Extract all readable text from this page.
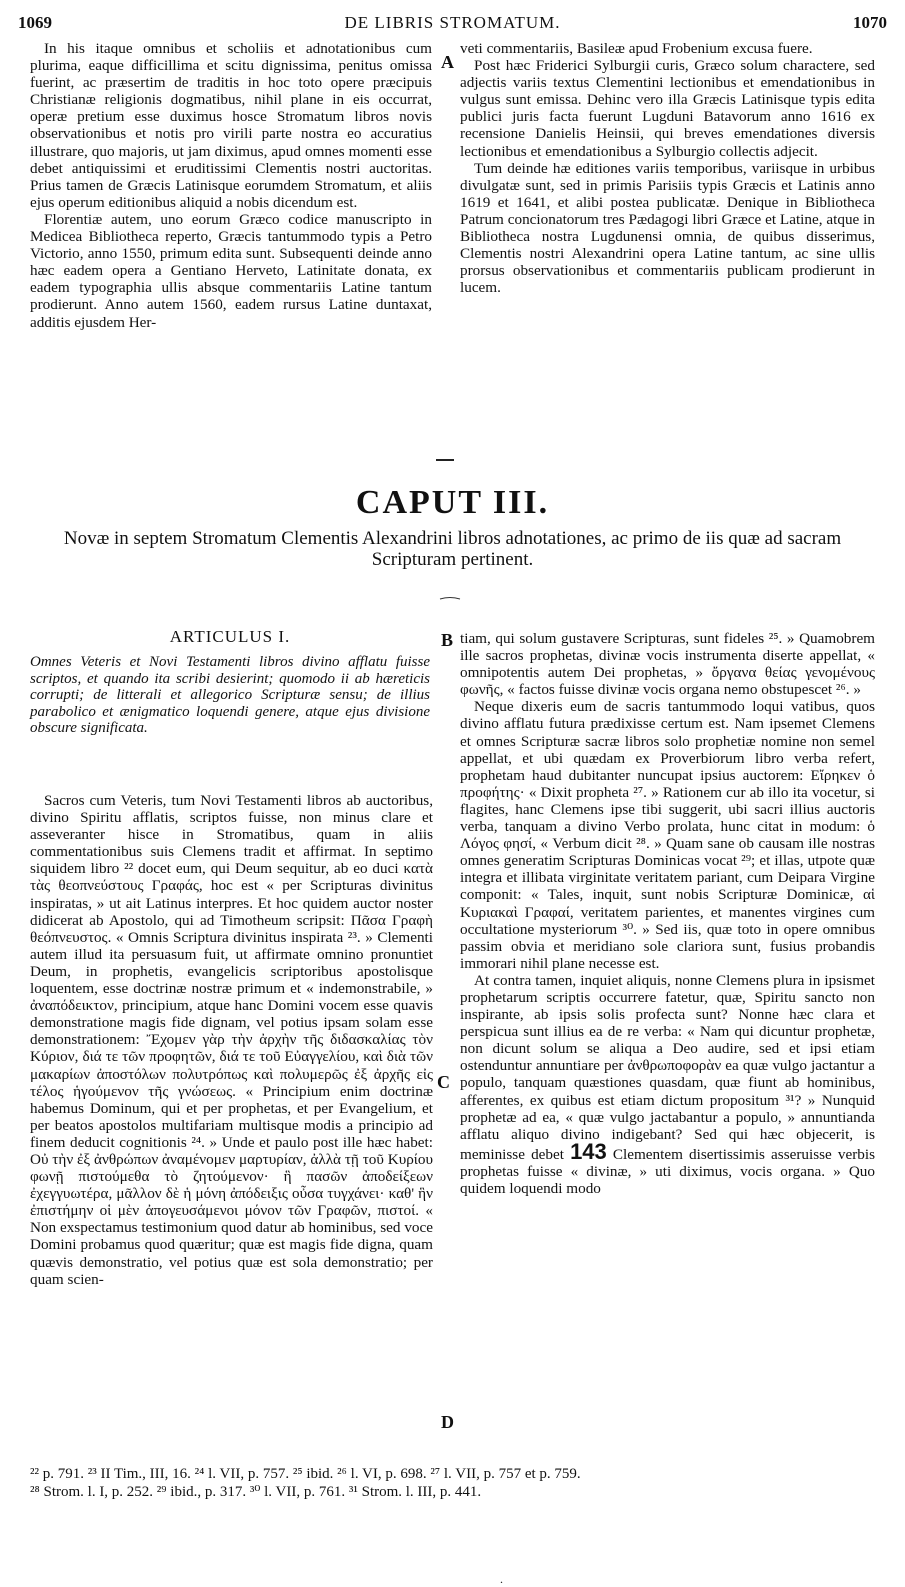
1069	DE LIBRIS STROMATUM.	1070

In his itaque omnibus et scholiis et adnotationibus cum plurima, eaque difficillima et scitu dignissima, penitus omissa fuerint, ac præsertim de traditis in hoc toto opere præcipuis Christianæ religionis dogmatibus, nihil plane in eis occurrat, operæ pretium esse duximus hosce Stromatum libros novis observationibus et notis pro virili parte nostra eo accuratius illustrare, quo majoris, ut jam diximus, apud omnes momenti esse debet antiquissimi et eruditissimi Clementis nostri auctoritas. Prius tamen de Græcis Latinisque eorumdem Stromatum, et aliis ejus operum editionibus aliquid a nobis dicendum est.

Florentiæ autem, uno eorum Græco codice manuscripto in Medicea Bibliotheca reperto, Græcis tantummodo typis a Petro Victorio, anno 1550, primum edita sunt. Subsequenti deinde anno hæc eadem opera a Gentiano Herveto, Latinitate donata, ex eadem typographia ullis absque commentariis Latine tantum prodierunt. Anno autem 1560, eadem rursus Latine duntaxat, additis ejusdem Her-

A

veti commentariis, Basileæ apud Frobenium excusa fuere.

Post hæc Friderici Sylburgii curis, Græco solum charactere, sed adjectis variis textus Clementini lectionibus et emendationibus in vulgus sunt emissa. Dehinc vero illa Græcis Latinisque typis edita publici juris facta fuerunt Lugduni Batavorum anno 1616 ex recensione Danielis Heinsii, qui breves emendationes diversis lectionibus et emendationibus a Sylburgio collectis adjecit.

Tum deinde hæ editiones variis temporibus, variisque in urbibus divulgatæ sunt, sed in primis Parisiis typis Græcis et Latinis anno 1619 et 1641, et alibi postea publicatæ. Denique in Bibliotheca Patrum concionatorum tres Pædagogi libri Græce et Latine, atque in Bibliotheca nostra Lugdunensi omnia, de quibus disserimus, Clementis nostri Alexandrini opera Latine tantum, ac sine ullis prorsus observationibus et commentariis publicam prodierunt in lucem.

CAPUT III.
Novæ in septem Stromatum Clementis Alexandrini libros adnotationes, ac primo de iis quæ ad sacram Scripturam pertinent.
ARTICULUS I.
Omnes Veteris et Novi Testamenti libros divino afflatu fuisse scriptos, et quando ita scribi desierint; quomodo ii ab hæreticis corrupti; de litterali et allegorico Scripturæ sensu; de illius parabolico et ænigmatico loquendi genere, atque ejus divisione obscure significata.

Sacros cum Veteris, tum Novi Testamenti libros ab auctoribus, divino Spiritu afflatis, scriptos fuisse, non minus clare et asseveranter hisce in Stromatibus, quam in aliis commentationibus suis Clemens tradit et affirmat. In septimo siquidem libro ²² docet eum, qui Deum sequitur, ab eo duci κατὰ τὰς θεοπνεύστους Γραφάς, hoc est « per Scripturas divinitus inspiratas, » ut ait Latinus interpres. Et hoc quidem auctor noster didicerat ab Apostolo, qui ad Timotheum scripsit: Πᾶσα Γραφὴ θεόπνευστος. « Omnis Scriptura divinitus inspirata ²³. » Clementi autem illud ita persuasum fuit, ut affirmate omnino pronuntiet Deum, in prophetis, evangelicis scriptoribus apostolisque loquentem, esse doctrinæ nostræ primum et « indemonstrabile, » ἀναπόδεικτον, principium, atque hanc Domini vocem esse quavis demonstratione magis fide dignam, vel potius ipsam solam esse demonstrationem: Ἔχομεν γὰρ τὴν ἀρχὴν τῆς διδασκαλίας τὸν Κύριον, διά τε τῶν προφητῶν, διά τε τοῦ Εὐαγγελίου, καὶ διὰ τῶν μακαρίων ἀποστόλων πολυτρόπως καὶ πολυμερῶς ἐξ ἀρχῆς εἰς τέλος ἡγούμενον τῆς γνώσεως. « Principium enim doctrinæ habemus Dominum, qui et per prophetas, et per Evangelium, et per beatos apostolos multifariam multisque modis a principio ad finem deducit cognitionis ²⁴. » Unde et paulo post ille hæc habet: Οὐ τὴν ἐξ ἀνθρώπων ἀναμένομεν μαρτυρίαν, ἀλλὰ τῇ τοῦ Κυρίου φωνῇ πιστούμεθα τὸ ζητούμενον· ἣ πασῶν ἀποδείξεων ἐχεγγυωτέρα, μᾶλλον δὲ ἡ μόνη ἀπόδειξις οὖσα τυγχάνει· καθ' ἣν ἐπιστήμην οἱ μὲν ἀπογευσάμενοι μόνον τῶν Γραφῶν, πιστοί. « Non exspectamus testimonium quod datur ab hominibus, sed voce Domini probamus quod quæritur; quæ est magis fide digna, quam quævis demonstratio, vel potius quæ est sola demonstratio; per quam scien-

B
C
D

tiam, qui solum gustavere Scripturas, sunt fideles ²⁵. » Quamobrem ille sacros prophetas, divinæ vocis instrumenta diserte appellat, « omnipotentis autem Dei prophetas, » ὄργανα θείας γενομένους φωνῆς, « factos fuisse divinæ vocis organa nemo obstupescet ²⁶. »

Neque dixeris eum de sacris tantummodo loqui vatibus, quos divino afflatu futura prædixisse certum est. Nam ipsemet Clemens et omnes Scripturæ sacræ libros solo prophetiæ nomine non semel appellat, et ubi quædam ex Proverbiorum libro verba refert, prophetam haud dubitanter nuncupat ipsius auctorem: Εἴρηκεν ὁ προφήτης· « Dixit propheta ²⁷. » Rationem cur ab illo ita vocetur, si flagites, hanc Clemens ipse tibi suggerit, ubi sacri illius auctoris verba, tanquam a divino Verbo prolata, hunc citat in modum: ὁ Λόγος φησί, « Verbum dicit ²⁸. » Quam sane ob causam ille nostras omnes generatim Scripturas Dominicas vocat ²⁹; et illas, utpote quæ integra et illibata virginitate veritatem pariant, cum Deipara Virgine componit: « Tales, inquit, sunt nobis Scripturæ Dominicæ, αἱ Κυριακαὶ Γραφαί, veritatem parientes, et manentes virgines cum occultatione mysteriorum ³⁰. » Sed iis, quæ toto in opere omnibus passim obvia et meridiano sole clariora sunt, fusius probandis immorari nihil plane necesse est.

At contra tamen, inquiet aliquis, nonne Clemens plura in ipsismet prophetarum scriptis occurrere fatetur, quæ, Spiritu sancto non inspirante, ab ipsis solis profecta sunt? Nonne hæc clara et perspicua sunt illius ea de re verba: « Nam qui dicuntur prophetæ, non dicunt solum se aliqua a Deo audire, sed et ipsi etiam ostenduntur annuntiare per ἀνθρωποφορὰν ea quæ vulgo jactantur a populo, tanquam quæstiones quasdam, quæ fiunt ab hominibus, afferentes, ex quibus est etiam dictum propositum ³¹? » Nunquid prophetæ ad ea, « quæ vulgo jactabantur a populo, » annuntianda afflatu aliquo divino indigebant? Sed qui hæc objecerit, is meminisse debet 143 Clementem disertissimis asseruisse verbis prophetas fuisse « divinæ, » uti diximus, vocis organa. » Quo quidem loquendi modo

²² p. 791. ²³ II Tim., III, 16. ²⁴ l. VII, p. 757. ²⁵ ibid. ²⁶ l. VI, p. 698. ²⁷ l. VII, p. 757 et p. 759.
²⁸ Strom. l. I, p. 252. ²⁹ ibid., p. 317. ³⁰ l. VII, p. 761. ³¹ Strom. l. III, p. 441.
.
